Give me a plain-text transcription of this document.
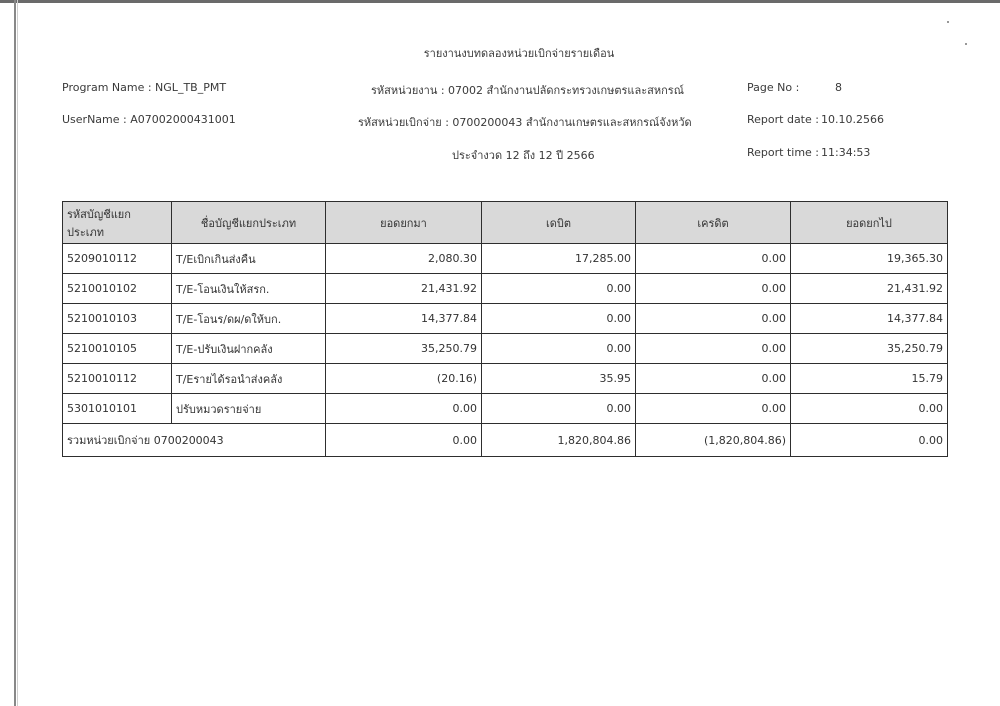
รายงานงบทดลองหน่วยเบิกจ่ายรายเดือน
Program Name : NGL_TB_PMT
UserName : A07002000431001
รหัสหน่วยงาน : 07002 สำนักงานปลัดกระทรวงเกษตรและสหกรณ์
รหัสหน่วยเบิกจ่าย : 0700200043 สำนักงานเกษตรและสหกรณ์จังหวัด
ประจำงวด 12 ถึง 12 ปี 2566
Page No :	8
Report date : 10.10.2566
Report time : 11:34:53
รหัสบัญชีแยกประเภท	ชื่อบัญชีแยกประเภท	ยอดยกมา	เดบิต	เครดิต	ยอดยกไป
5209010112	T/Eเบิกเกินส่งคืน	2,080.30	17,285.00	0.00	19,365.30
5210010102	T/E-โอนเงินให้สรก.	21,431.92	0.00	0.00	21,431.92
5210010103	T/E-โอนร/ดผ/ดให้บก.	14,377.84	0.00	0.00	14,377.84
5210010105	T/E-ปรับเงินฝากคลัง	35,250.79	0.00	0.00	35,250.79
5210010112	T/Eรายได้รอนำส่งคลัง	(20.16)	35.95	0.00	15.79
5301010101	ปรับหมวดรายจ่าย	0.00	0.00	0.00	0.00
รวมหน่วยเบิกจ่าย 0700200043		0.00	1,820,804.86	(1,820,804.86)	0.00
